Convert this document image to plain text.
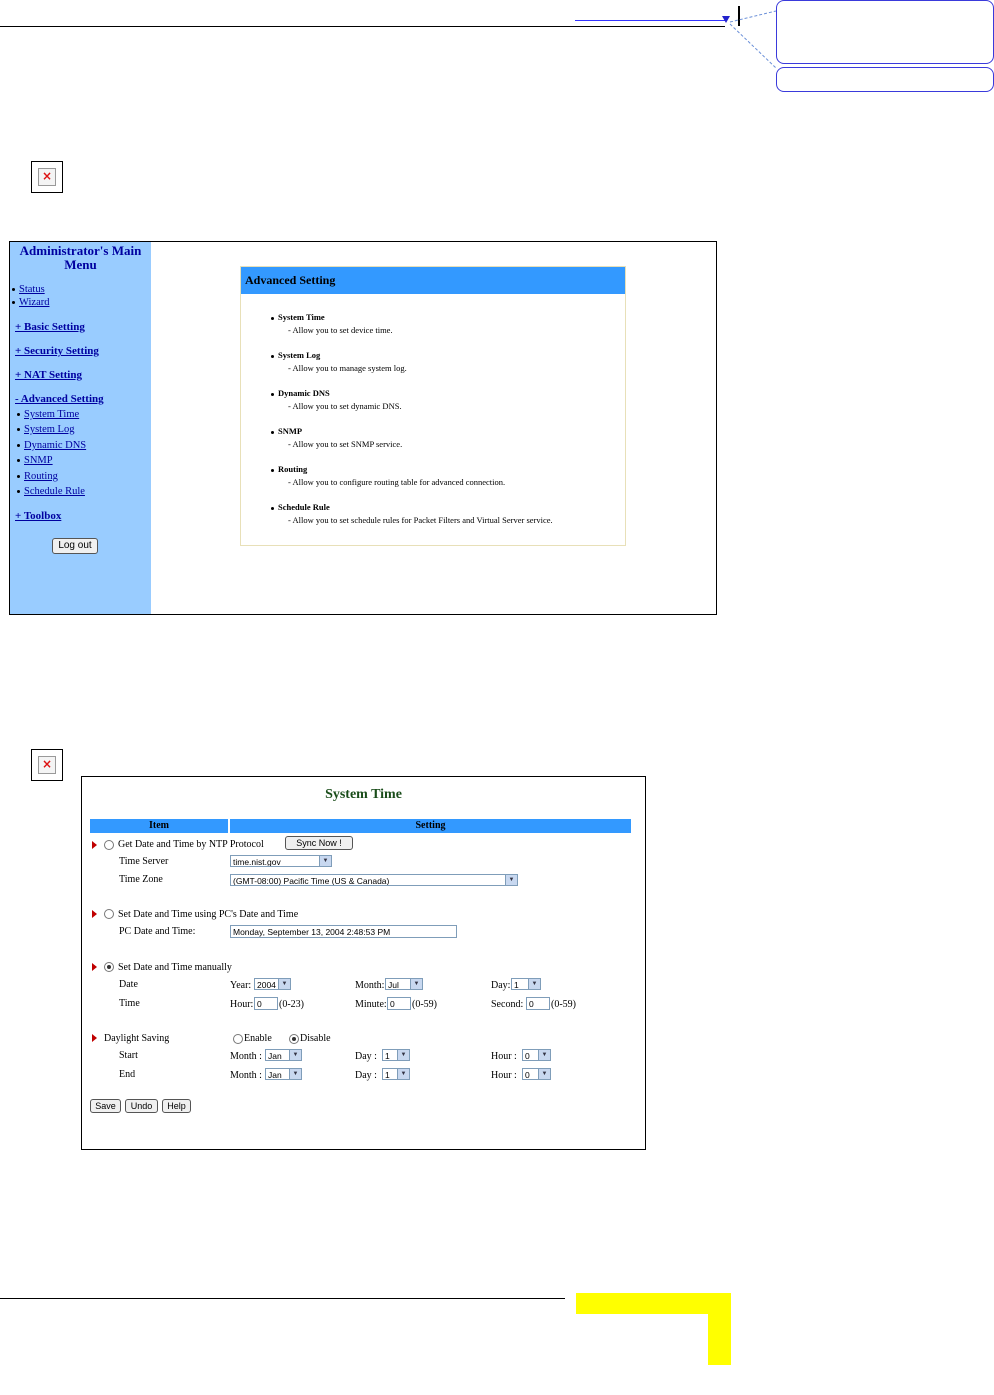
×
Administrator's Main Menu
Status
Wizard
+ Basic Setting
+ Security Setting
+ NAT Setting
- Advanced Setting
System Time
System Log
Dynamic DNS
SNMP
Routing
Schedule Rule
+ Toolbox
Log out
Advanced Setting
System Time
- Allow you to set device time.
System Log
- Allow you to manage system log.
Dynamic DNS
- Allow you to set dynamic DNS.
SNMP
- Allow you to set SNMP service.
Routing
- Allow you to configure routing table for advanced connection.
Schedule Rule
- Allow you to set schedule rules for Packet Filters and Virtual Server service.
×
System Time
Item	Setting
Get Date and Time by NTP Protocol	Sync Now !
Time Server	time.nist.gov	▼
Time Zone	(GMT-08:00) Pacific Time (US & Canada)	▼
Set Date and Time using PC's Date and Time
PC Date and Time:	Monday, September 13, 2004 2:48:53 PM
Set Date and Time manually
Date	Year: 2004 ▼	Month: Jul	▼	Day: 1	▼
Time	Hour: 0	(0-23)	Minute: 0	(0-59)	Second: 0	(0-59)
Daylight Saving	Enable	Disable
Start	Month : Jan	▼	Day : 1	▼	Hour : 0	▼
End	Month : Jan	▼	Day : 1	▼	Hour : 0	▼
Save	Undo	Help
